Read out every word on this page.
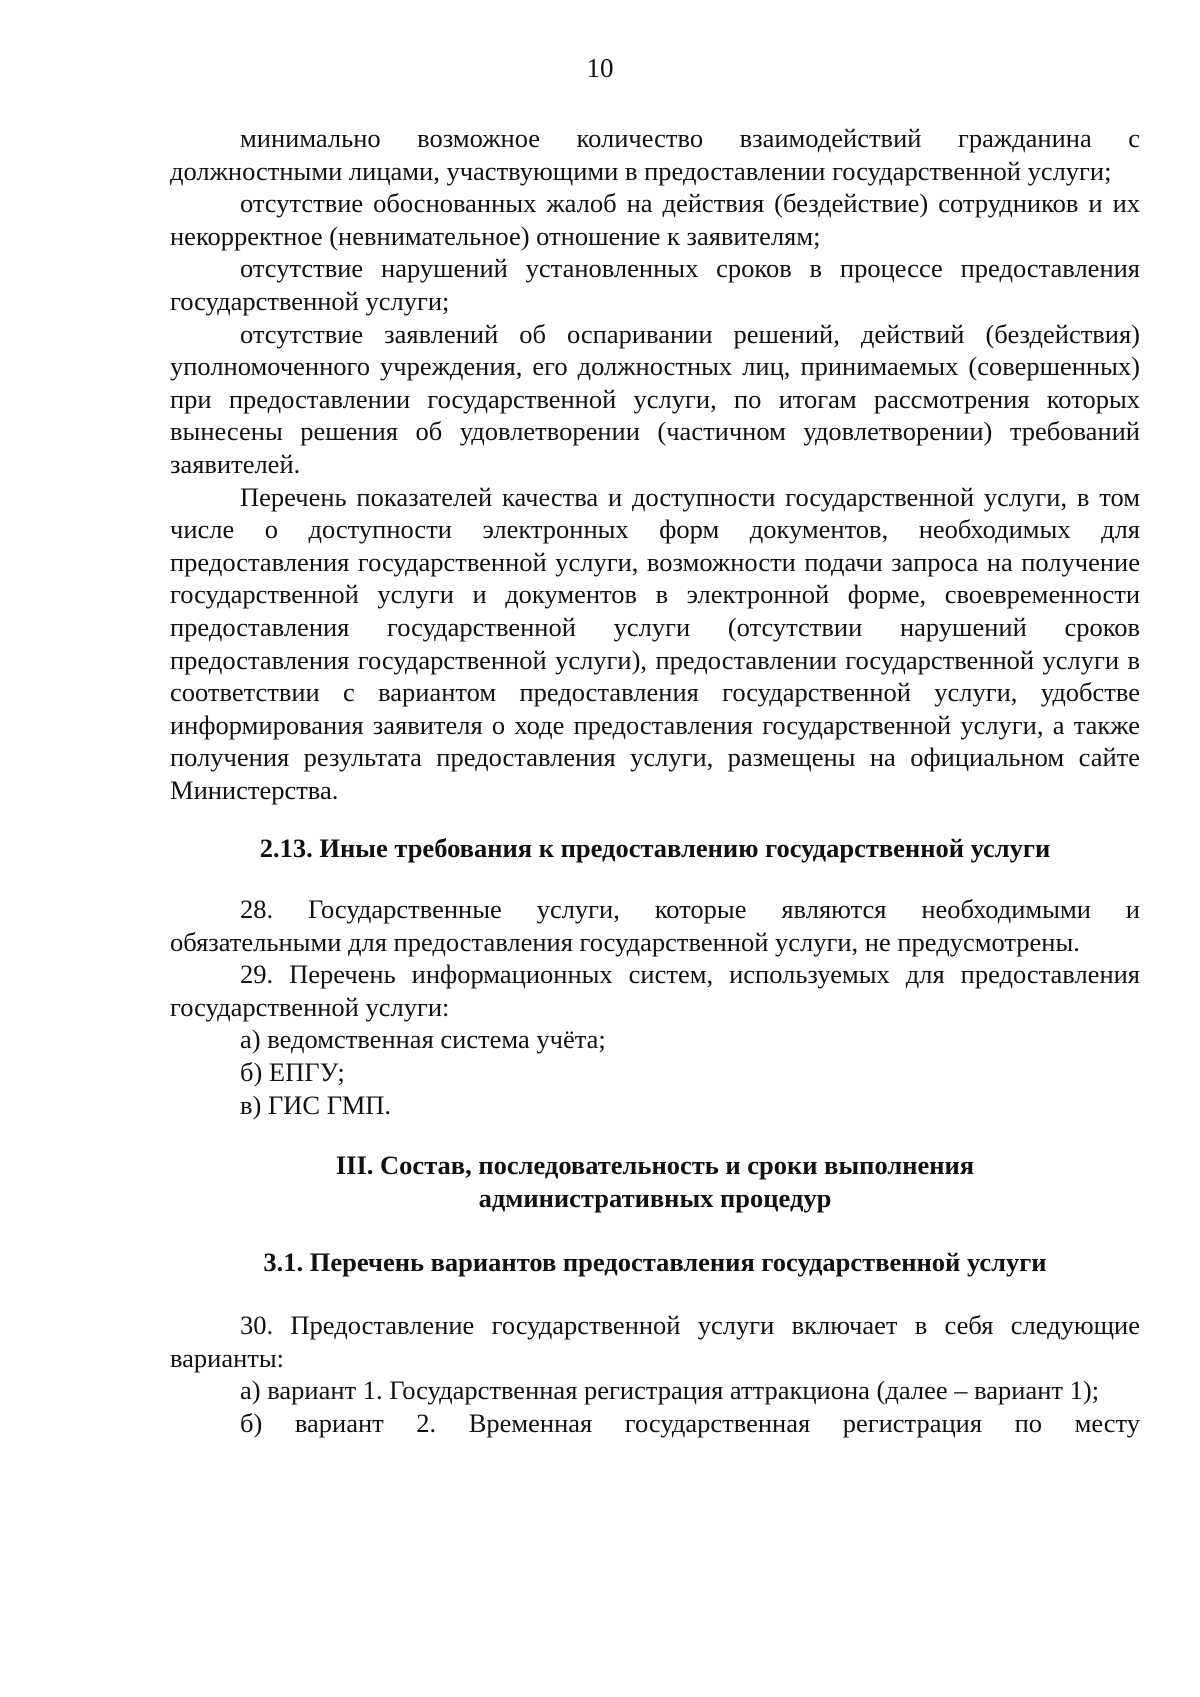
10

минимально возможное количество взаимодействий гражданина с должностными лицами, участвующими в предоставлении государственной услуги;

отсутствие обоснованных жалоб на действия (бездействие) сотрудников и их некорректное (невнимательное) отношение к заявителям;

отсутствие нарушений установленных сроков в процессе предоставления государственной услуги;

отсутствие заявлений об оспаривании решений, действий (бездействия) уполномоченного учреждения, его должностных лиц, принимаемых (совершенных) при предоставлении государственной услуги, по итогам рассмотрения которых вынесены решения об удовлетворении (частичном удовлетворении) требований заявителей.

Перечень показателей качества и доступности государственной услуги, в том числе о доступности электронных форм документов, необходимых для предоставления государственной услуги, возможности подачи запроса на получение государственной услуги и документов в электронной форме, своевременности предоставления государственной услуги (отсутствии нарушений сроков предоставления государственной услуги), предоставлении государственной услуги в соответствии с вариантом предоставления государственной услуги, удобстве информирования заявителя о ходе предоставления государственной услуги, а также получения результата предоставления услуги, размещены на официальном сайте Министерства.

2.13. Иные требования к предоставлению государственной услуги

28. Государственные услуги, которые являются необходимыми и обязательными для предоставления государственной услуги, не предусмотрены.

29. Перечень информационных систем, используемых для предоставления государственной услуги:

а) ведомственная система учёта;

б) ЕПГУ;

в) ГИС ГМП.

III. Состав, последовательность и сроки выполнения

административных процедур

3.1. Перечень вариантов предоставления государственной услуги

30. Предоставление государственной услуги включает в себя следующие варианты:

а) вариант 1. Государственная регистрация аттракциона (далее – вариант 1);

б) вариант 2. Временная государственная регистрация по месту
